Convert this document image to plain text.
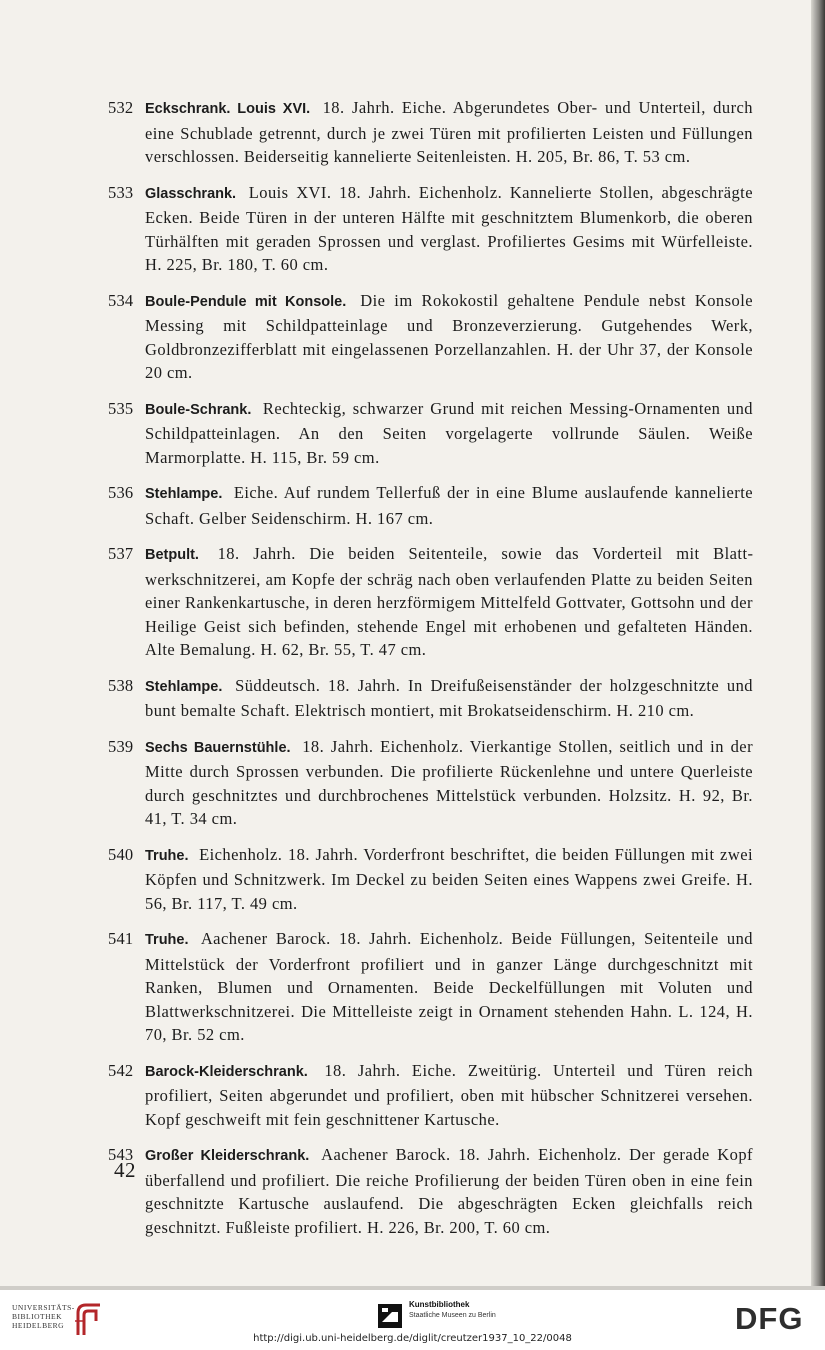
532 Eckschrank. Louis XVI. 18. Jahrh. Eiche. Abgerundetes Ober- und Unterteil, durch eine Schublade getrennt, durch je zwei Türen mit profilierten Leisten und Füllungen verschlossen. Beiderseitig kannelierte Seitenleisten. H. 205, Br. 86, T. 53 cm.

533 Glasschrank. Louis XVI. 18. Jahrh. Eichenholz. Kannelierte Stollen, abgeschrägte Ecken. Beide Türen in der unteren Hälfte mit geschnitztem Blumenkorb, die oberen Türhälften mit geraden Sprossen und verglast. Profiliertes Gesims mit Würfelleiste. H. 225, Br. 180, T. 60 cm.

534 Boule-Pendule mit Konsole. Die im Rokokostil gehaltene Pendule nebst Konsole Messing mit Schildpatteinlage und Bronzeverzierung. Gutgehendes Werk, Goldbronzezifferblatt mit eingelassenen Porzellanzahlen. H. der Uhr 37, der Konsole 20 cm.

535 Boule-Schrank. Rechteckig, schwarzer Grund mit reichen Messing-Ornamenten und Schildpatteinlagen. An den Seiten vorgelagerte vollrunde Säulen. Weiße Marmorplatte. H. 115, Br. 59 cm.

536 Stehlampe. Eiche. Auf rundem Tellerfuß der in eine Blume auslaufende kannelierte Schaft. Gelber Seidenschirm. H. 167 cm.

537 Betpult. 18. Jahrh. Die beiden Seitenteile, sowie das Vorderteil mit Blattwerkschnitzerei, am Kopfe der schräg nach oben verlaufenden Platte zu beiden Seiten einer Rankenkartusche, in deren herzförmigem Mittelfeld Gottvater, Gottsohn und der Heilige Geist sich befinden, stehende Engel mit erhobenen und gefalteten Händen. Alte Bemalung. H. 62, Br. 55, T. 47 cm.

538 Stehlampe. Süddeutsch. 18. Jahrh. In Dreifußeisenständer der holzgeschnitzte und bunt bemalte Schaft. Elektrisch montiert, mit Brokatseidenschirm. H. 210 cm.

539 Sechs Bauernstühle. 18. Jahrh. Eichenholz. Vierkantige Stollen, seitlich und in der Mitte durch Sprossen verbunden. Die profilierte Rückenlehne und untere Querleiste durch geschnitztes und durchbrochenes Mittelstück verbunden. Holzsitz. H. 92, Br. 41, T. 34 cm.

540 Truhe. Eichenholz. 18. Jahrh. Vorderfront beschriftet, die beiden Füllungen mit zwei Köpfen und Schnitzwerk. Im Deckel zu beiden Seiten eines Wappens zwei Greife. H. 56, Br. 117, T. 49 cm.

541 Truhe. Aachener Barock. 18. Jahrh. Eichenholz. Beide Füllungen, Seitenteile und Mittelstück der Vorderfront profiliert und in ganzer Länge durchgeschnitzt mit Ranken, Blumen und Ornamenten. Beide Deckelfüllungen mit Voluten und Blattwerkschnitzerei. Die Mittelleiste zeigt in Ornament stehenden Hahn. L. 124, H. 70, Br. 52 cm.

542 Barock-Kleiderschrank. 18. Jahrh. Eiche. Zweitürig. Unterteil und Türen reich profiliert, Seiten abgerundet und profiliert, oben mit hübscher Schnitzerei versehen. Kopf geschweift mit fein geschnittener Kartusche.

543 Großer Kleiderschrank. Aachener Barock. 18. Jahrh. Eichenholz. Der gerade Kopf überfallend und profiliert. Die reiche Profilierung der beiden Türen oben in eine fein geschnitzte Kartusche auslaufend. Die abgeschrägten Ecken gleichfalls reich geschnitzt. Fußleiste profiliert. H. 226, Br. 200, T. 60 cm.

42
UNIVERSITÄTS-
BIBLIOTHEK
HEIDELBERG
Kunstbibliothek
Staatliche Museen zu Berlin	DFG
http://digi.ub.uni-heidelberg.de/diglit/creutzer1937_10_22/0048
